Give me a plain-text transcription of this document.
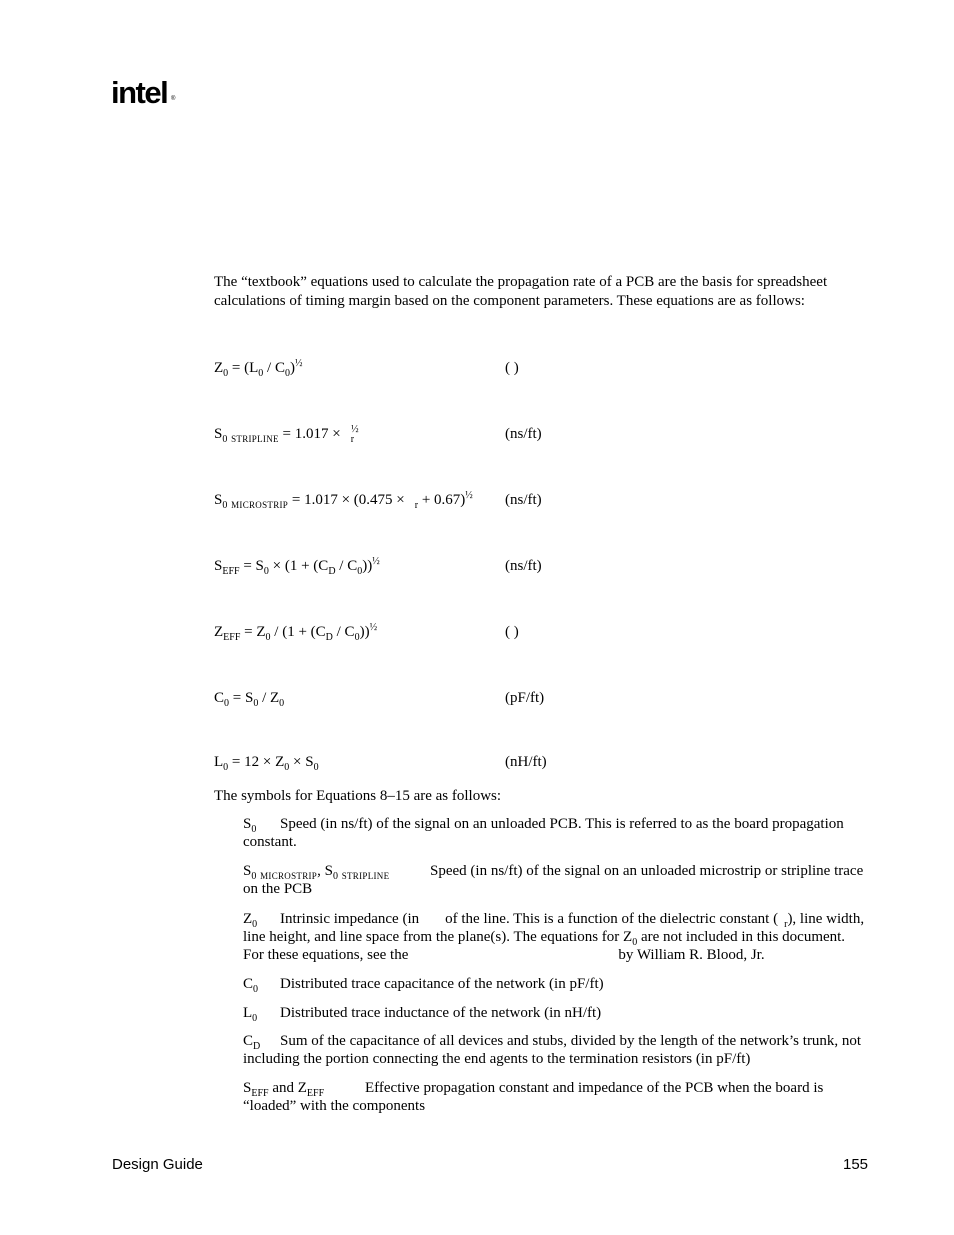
intel ®
The “textbook” equations used to calculate the propagation rate of a PCB are the basis for spreadsheet calculations of timing margin based on the component parameters. These equations are as follows:
$Z_0 = (L_0 / C_0)^{\frac{1}{2}}$	( )
$S_0$ $_{STRIPLINE}$ = 1.017 × $_r^{\frac{1}{2}}$	(ns/ft)
$S_0$ $_{MICROSTRIP} = 1.017 \times (0.475 \times _r + 0.67)^{\frac{1}{2}}$ (ns/ft)
$S_{EFF} = S_0 \times (1 + (C_D / C_0))^{\frac{1}{2}}$	(ns/ft)
$Z_{EFF} = Z_0 / (1 + (C_D / C_0))^{\frac{1}{2}}$	( )
$C_0 = S_0 / Z_0$	(pF/ft)
$L_0 = 12 \times Z_0 \times S_0$	(nH/ft)
The symbols for Equations 8–15 are as follows:
$S_0$ Speed (in ns/ft) of the signal on an unloaded PCB. This is referred to as the board propagation constant.
$S_0$ $_{MICROSTRIP}$, $S_0$ $_{STRIPLINE}$	Speed (in ns/ft) of the signal on an unloaded microstrip or stripline trace on the PCB
$Z_0$ Intrinsic impedance (in of the line. This is a function of the dielectric constant ( $_r$), line width, line height, and line space from the plane(s). The equations for $Z_0$ are not included in this document. For these equations, see the	by William R. Blood, Jr.
$C_0$ Distributed trace capacitance of the network (in pF/ft)
$L_0$ Distributed trace inductance of the network (in nH/ft)
$C_D$ Sum of the capacitance of all devices and stubs, divided by the length of the network’s trunk, not including the portion connecting the end agents to the termination resistors (in pF/ft)
$S_{EFF}$ and $Z_{EFF}$	Effective propagation constant and impedance of the PCB when the board is “loaded” with the components
Design Guide	155
